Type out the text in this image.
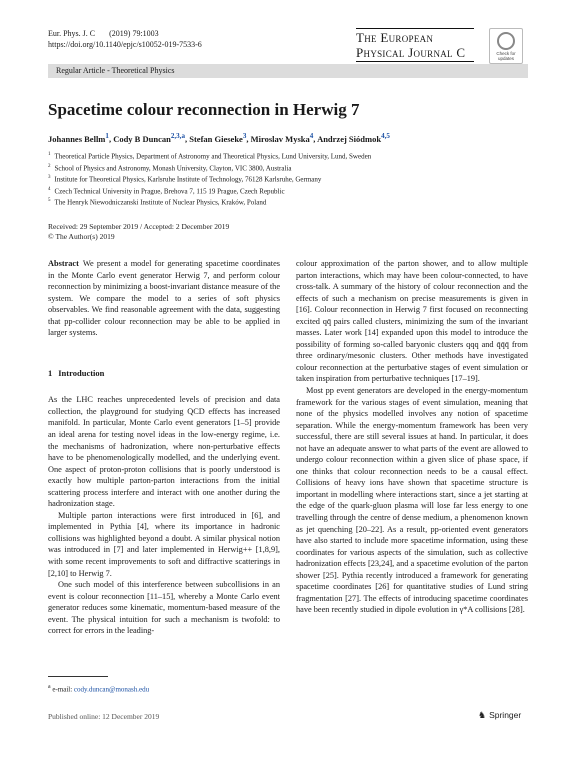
Eur. Phys. J. C (2019) 79:1003
https://doi.org/10.1140/epjc/s10052-019-7533-6	The European
Physical Journal C	Check for updates
Regular Article - Theoretical Physics
Spacetime colour reconnection in Herwig 7
Johannes Bellm$^1$, Cody B Duncan$^{2,3,a}$, Stefan Gieseke$^3$, Miroslav Myska$^4$, Andrzej Siódmok$^{4,5}$
$^1$ Theoretical Particle Physics, Department of Astronomy and Theoretical Physics, Lund University, Lund, Sweden
$^2$ School of Physics and Astronomy, Monash University, Clayton, VIC 3800, Australia
$^3$ Institute for Theoretical Physics, Karlsruhe Institute of Technology, 76128 Karlsruhe, Germany
$^4$ Czech Technical University in Prague, Brehova 7, 115 19 Prague, Czech Republic
$^5$ The Henryk Niewodniczanski Institute of Nuclear Physics, Kraków, Poland
Received: 29 September 2019 / Accepted: 2 December 2019
© The Author(s) 2019

Abstract We present a model for generating spacetime coordinates in the Monte Carlo event generator Herwig 7, and perform colour reconnection by minimizing a boost-invariant distance measure of the system. We compare the model to a series of soft physics observables. We find reasonable agreement with the data, suggesting that pp-collider colour reconnection may be able to be applied in larger systems.

1 Introduction

As the LHC reaches unprecedented levels of precision and data collection, the playground for studying QCD effects has increased manifold. In particular, Monte Carlo event generators [1–5] provide an ideal arena for testing novel ideas in the low-energy regime, i.e. the mechanisms of hadronization, where non-perturbative effects have to be phenomenologically modelled, and the underlying event. One aspect of proton-proton collisions that is poorly understood is exactly how multiple parton-parton interactions from the initial scattering process interfere and interact with one another during the hadronization stage.

Multiple parton interactions were first introduced in [6], and implemented in Pythia [4], where its importance in hadronic collisions was highlighted beyond a doubt. A similar physical notion was introduced in [7] and later implemented in Herwig++ [1,8,9], with some recent improvements to soft and diffractive scatterings in [2,10] to Herwig 7.

One such model of this interference between subcollisions in an event is colour reconnection [11–15], whereby a Monte Carlo event generator reduces some kinematic, momentum-based measure of the event. The physical intuition for such a mechanism is twofold: to correct for errors in the leading-

colour approximation of the parton shower, and to allow multiple parton interactions, which may have been colour-connected, to have cross-talk. A summary of the history of colour reconnection and the effects of such a mechanism on precise measurements is given in [16]. Colour reconnection in Herwig 7 first focused on reconnecting excited qq̄ pairs called clusters, minimizing the sum of the invariant masses. Later work [14] expanded upon this model to introduce the possibility of forming so-called baryonic clusters qqq and q̄q̄q̄ from three ordinary/mesonic clusters. Other methods have investigated colour reconnection at the perturbative stages of event simulation or taken inspiration from perturbative techniques [17–19].

Most pp event generators are developed in the energy-momentum framework for the various stages of event simulation, meaning that none of the physics modelled involves any notion of spacetime separation. While the energy-momentum framework has been very successful, there are still several issues at hand. In particular, it does not have an adequate answer to what parts of the event are allowed to undergo colour reconnection within a given slice of phase space, if one thinks that colour reconnection needs to be a causal effect. Collisions of heavy ions have shown that spacetime structure is important in modelling where interactions start, since a jet starting at the edge of the quark-gluon plasma will lose far less energy to one travelling through the centre of dense medium, a phenomenon known as jet quenching [20–22]. As a result, pp-oriented event generators have also started to include more spacetime information, using these coordinates for various aspects of the simulation, such as collective hadronization effects [23,24], and a spacetime evolution of the parton shower [25]. Pythia recently introduced a framework for generating spacetime coordinates [26] for quantitative studies of Lund string fragmentation [27]. The effects of introducing spacetime coordinates have been recently studied in dipole evolution in γ*A collisions [28].

$^a$ e-mail: cody.duncan@monash.edu
Published online: 12 December 2019	♞ Springer
